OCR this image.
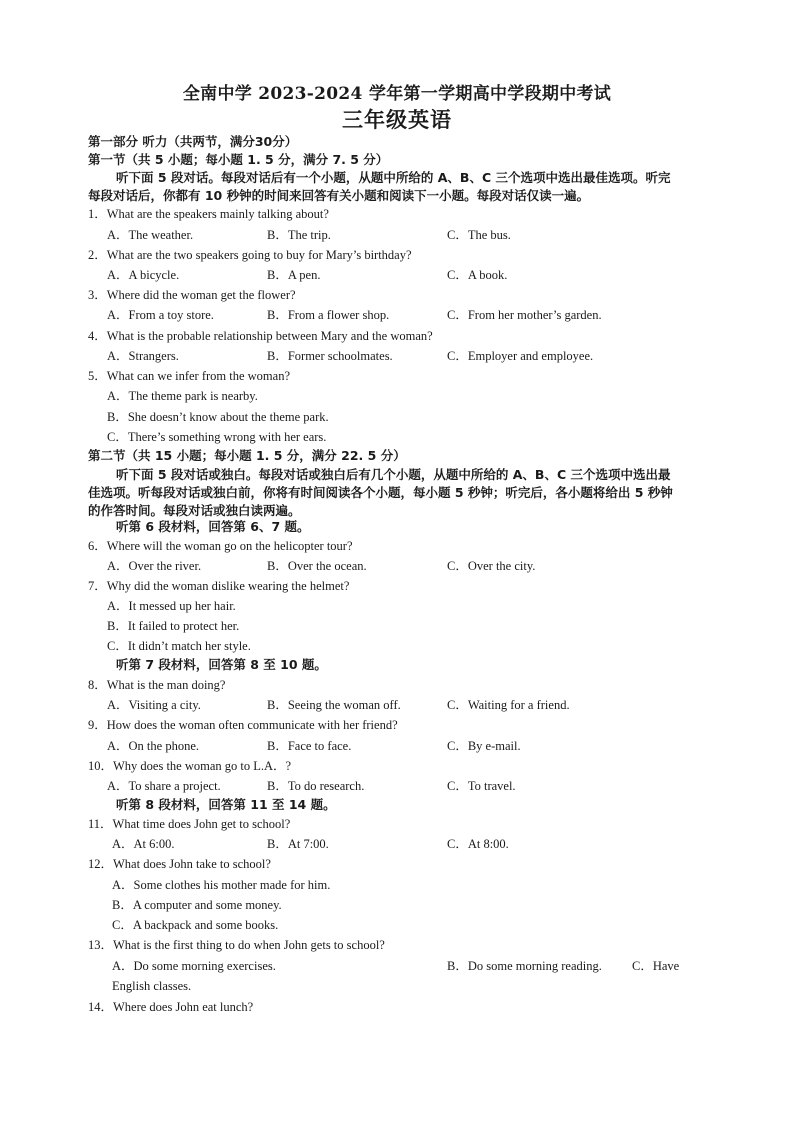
全南中学 2023-2024 学年第一学期高中学段期中考试
三年级英语
第一部分 听力（共两节，满分30分）
第一节（共 5 小题；每小题 1. 5 分，满分 7. 5 分）
听下面 5 段对话。每段对话后有一个小题，从题中所给的 A、B、C 三个选项中选出最佳选项。听完
每段对话后，你都有 10 秒钟的时间来回答有关小题和阅读下一小题。每段对话仅读一遍。
1．What are the speakers mainly talking about?
A．The weather.	B．The trip.	C．The bus.
2．What are the two speakers going to buy for Mary’s birthday?
A．A bicycle.	B．A pen.	C．A book.
3．Where did the woman get the flower?
A．From a toy store.	B．From a flower shop.	C．From her mother’s garden.
4．What is the probable relationship between Mary and the woman?
A．Strangers.	B．Former schoolmates.	C．Employer and employee.
5．What can we infer from the woman?
A．The theme park is nearby.
B．She doesn’t know about the theme park.
C．There’s something wrong with her ears.
第二节（共 15 小题；每小题 1. 5 分，满分 22. 5 分）
听下面 5 段对话或独白。每段对话或独白后有几个小题，从题中所给的 A、B、C 三个选项中选出最
佳选项。听每段对话或独白前，你将有时间阅读各个小题，每小题 5 秒钟；听完后，各小题将给出 5 秒钟
的作答时间。每段对话或独白读两遍。
听第 6 段材料，回答第 6、7 题。
6．Where will the woman go on the helicopter tour?
A．Over the river.	B．Over the ocean.	C．Over the city.
7．Why did the woman dislike wearing the helmet?
A．It messed up her hair.
B．It failed to protect her.
C．It didn’t match her style.
听第 7 段材料，回答第 8 至 10 题。
8．What is the man doing?
A．Visiting a city.	B．Seeing the woman off.	C．Waiting for a friend.
9．How does the woman often communicate with her friend?
A．On the phone.	B．Face to face.	C．By e-mail.
10．Why does the woman go to L.A．?
A．To share a project.	B．To do research.	C．To travel.
听第 8 段材料，回答第 11 至 14 题。
11．What time does John get to school?
A．At 6:00.	B．At 7:00.	C．At 8:00.
12．What does John take to school?
A．Some clothes his mother made for him.
B．A computer and some money.
C．A backpack and some books.
13．What is the first thing to do when John gets to school?
A．Do some morning exercises.	B．Do some morning reading. C．Have
English classes.
14．Where does John eat lunch?
